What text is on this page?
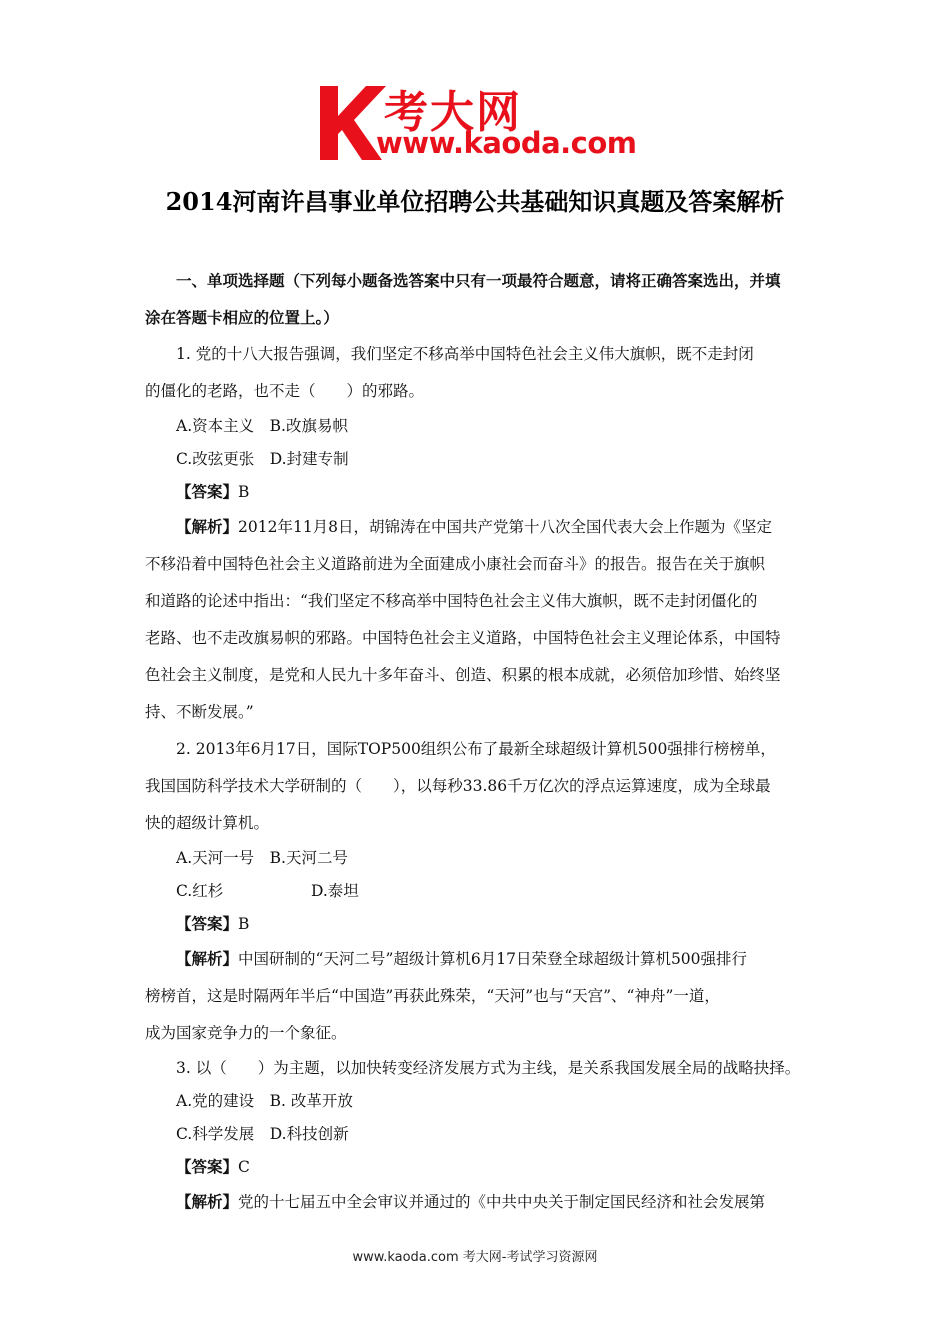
考大网
www.kaoda.com
2014河南许昌事业单位招聘公共基础知识真题及答案解析
一、单项选择题（下列每小题备选答案中只有一项最符合题意，请将正确答案选出，并填
涂在答题卡相应的位置上。）
1. 党的十八大报告强调，我们坚定不移高举中国特色社会主义伟大旗帜，既不走封闭
的僵化的老路，也不走（　　）的邪路。
A.资本主义　 B.改旗易帜
C.改弦更张　 D.封建专制
【答案】B
【解析】2012年11月8日，胡锦涛在中国共产党第十八次全国代表大会上作题为《坚定
不移沿着中国特色社会主义道路前进为全面建成小康社会而奋斗》的报告。报告在关于旗帜
和道路的论述中指出：“我们坚定不移高举中国特色社会主义伟大旗帜，既不走封闭僵化的
老路、也不走改旗易帜的邪路。中国特色社会主义道路，中国特色社会主义理论体系，中国特
色社会主义制度，是党和人民九十多年奋斗、创造、积累的根本成就，必须倍加珍惜、始终坚
持、不断发展。”
2. 2013年6月17日，国际TOP500组织公布了最新全球超级计算机500强排行榜榜单，
我国国防科学技术大学研制的（　　），以每秒33.86千万亿次的浮点运算速度，成为全球最
快的超级计算机。
A.天河一号　 B.天河二号
C.红杉	D.泰坦
【答案】B
【解析】中国研制的“天河二号”超级计算机6月17日荣登全球超级计算机500强排行
榜榜首，这是时隔两年半后“中国造”再获此殊荣，“天河”也与“天宫”、“神舟”一道，
成为国家竞争力的一个象征。
3. 以（　　）为主题，以加快转变经济发展方式为主线，是关系我国发展全局的战略抉择。
A.党的建设　 B. 改革开放
C.科学发展　 D.科技创新
【答案】C
【解析】党的十七届五中全会审议并通过的《中共中央关于制定国民经济和社会发展第
www.kaoda.com 考大网-考试学习资源网
